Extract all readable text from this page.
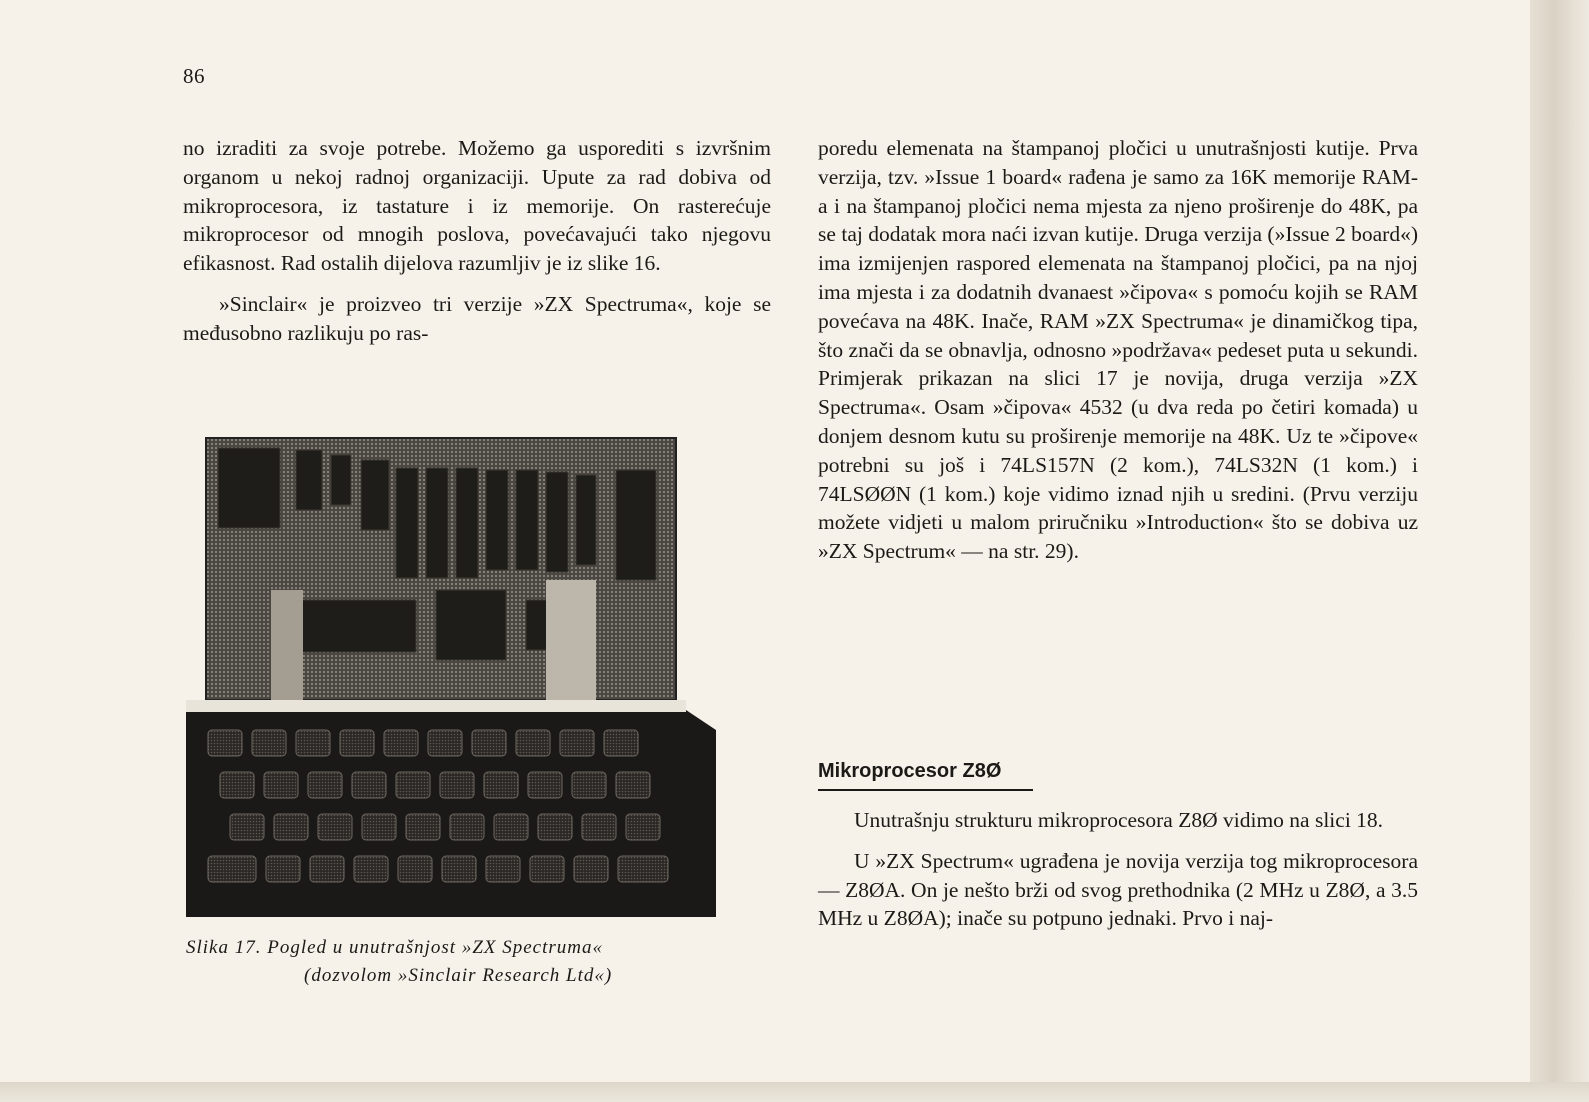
86

no izraditi za svoje potrebe. Možemo ga usporediti s izvršnim organom u nekoj radnoj organizaciji. Upute za rad dobiva od mikroprocesora, iz tastature i iz memorije. On rasterećuje mikroprocesor od mnogih poslova, povećavajući tako njegovu efikasnost. Rad ostalih dijelova razumljiv je iz slike 16.

»Sinclair« je proizveo tri verzije »ZX Spectruma«, koje se međusobno razlikuju po ras-

Slika 17. Pogled u unutrašnjost »ZX Spectruma«
(dozvolom »Sinclair Research Ltd«)

poredu elemenata na štampanoj pločici u unutrašnjosti kutije. Prva verzija, tzv. »Issue 1 board« rađena je samo za 16K memorije RAM-a i na štampanoj pločici nema mjesta za njeno proširenje do 48K, pa se taj dodatak mora naći izvan kutije. Druga verzija (»Issue 2 board«) ima izmijenjen raspored elemenata na štampanoj pločici, pa na njoj ima mjesta i za dodatnih dvanaest »čipova« s pomoću kojih se RAM povećava na 48K. Inače, RAM »ZX Spectruma« je dinamičkog tipa, što znači da se obnavlja, odnosno »podržava« pedeset puta u sekundi. Primjerak prikazan na slici 17 je novija, druga verzija »ZX Spectruma«. Osam »čipova« 4532 (u dva reda po četiri komada) u donjem desnom kutu su proširenje memorije na 48K. Uz te »čipove« potrebni su još i 74LS157N (2 kom.), 74LS32N (1 kom.) i 74LSØØN (1 kom.) koje vidimo iznad njih u sredini. (Prvu verziju možete vidjeti u malom priručniku »Introduction« što se dobiva uz »ZX Spectrum« — na str. 29).

Mikroprocesor Z8Ø

Unutrašnju strukturu mikroprocesora Z8Ø vidimo na slici 18.

U »ZX Spectrum« ugrađena je novija verzija tog mikroprocesora — Z8ØA. On je nešto brži od svog prethodnika (2 MHz u Z8Ø, a 3.5 MHz u Z8ØA); inače su potpuno jednaki. Prvo i naj-
